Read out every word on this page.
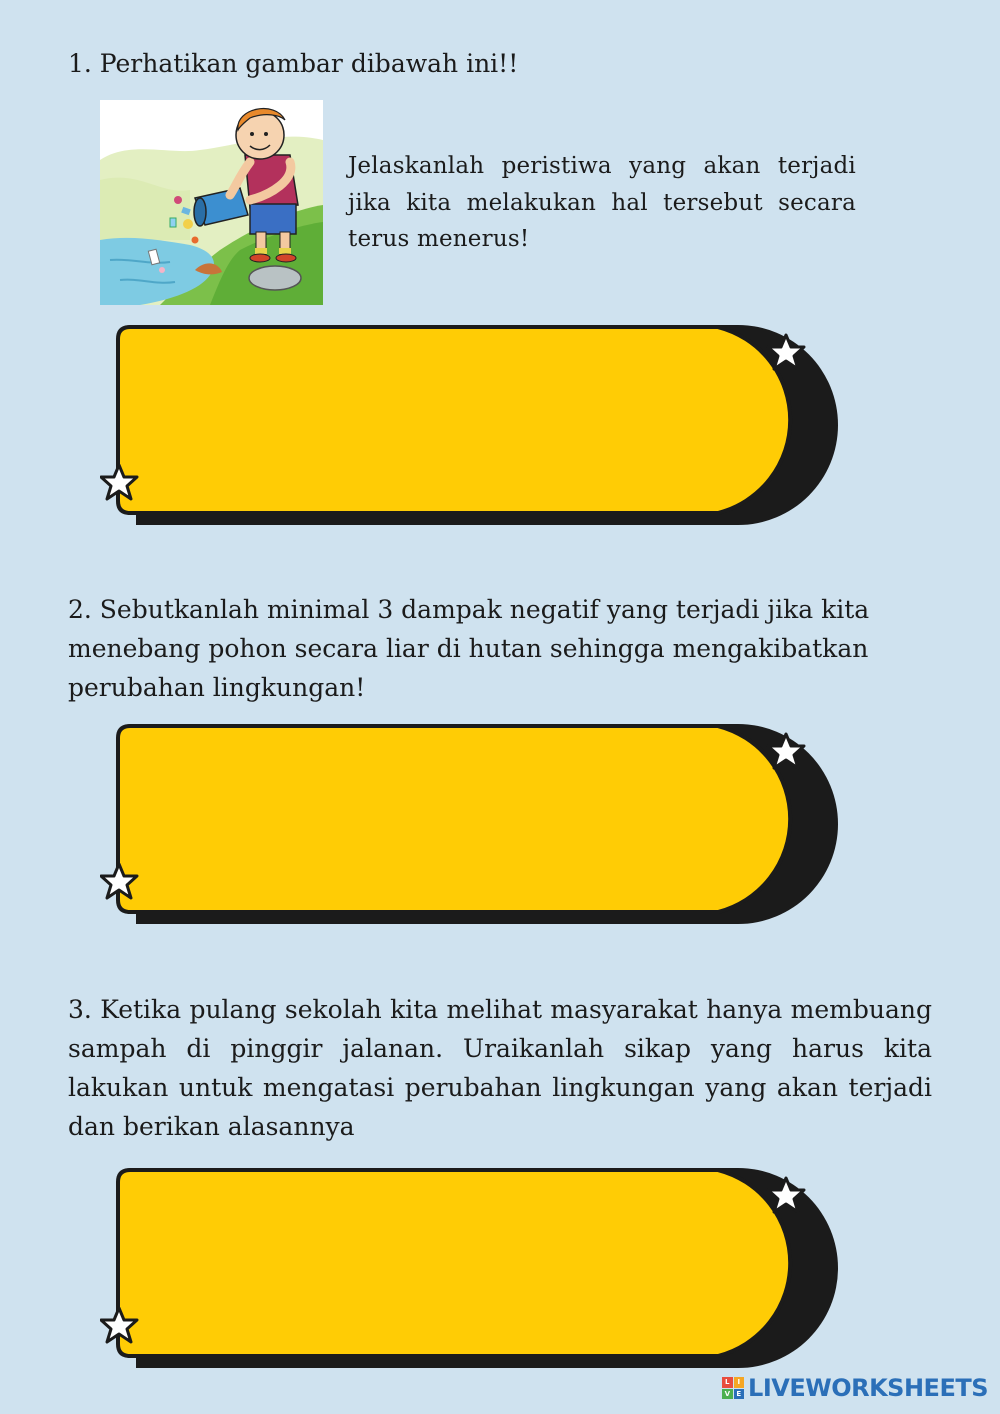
1. Perhatikan gambar dibawah ini!!

Jelaskanlah peristiwa yang akan terjadi jika kita melakukan hal tersebut secara terus menerus!

2. Sebutkanlah minimal 3 dampak negatif yang terjadi jika kita menebang pohon secara liar di hutan sehingga mengakibatkan perubahan lingkungan!

3. Ketika pulang sekolah kita melihat masyarakat hanya membuang sampah di pinggir jalanan. Uraikanlah sikap yang harus kita lakukan untuk mengatasi perubahan lingkungan yang akan terjadi dan berikan alasannya

L	I
V E LIVEWORKSHEETS
